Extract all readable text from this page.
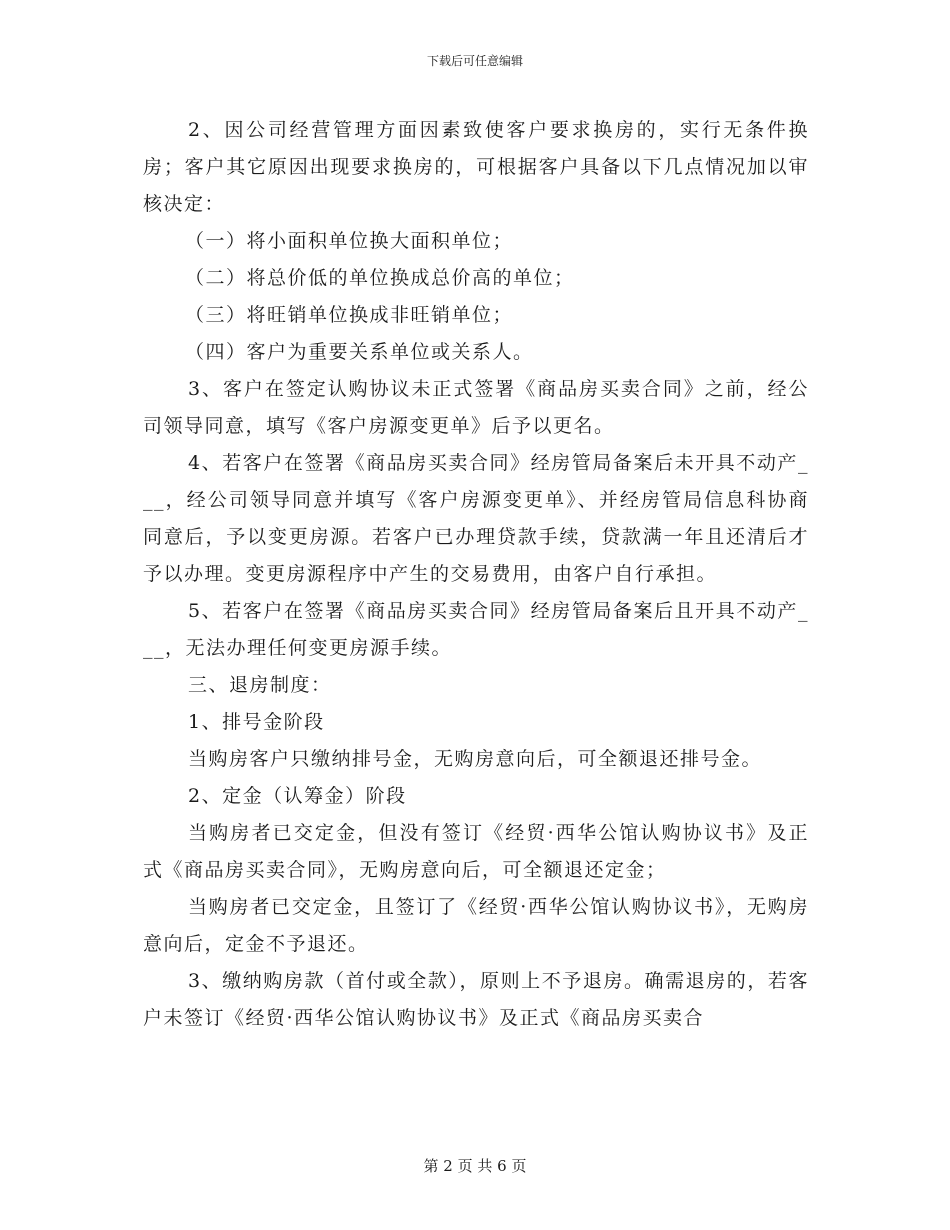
下载后可任意编辑

2、因公司经营管理方面因素致使客户要求换房的，实行无条件换房；客户其它原因出现要求换房的，可根据客户具备以下几点情况加以审核决定：

（一）将小面积单位换大面积单位；

（二）将总价低的单位换成总价高的单位；

（三）将旺销单位换成非旺销单位；

（四）客户为重要关系单位或关系人。

3、客户在签定认购协议未正式签署《商品房买卖合同》之前，经公司领导同意，填写《客户房源变更单》后予以更名。

4、若客户在签署《商品房买卖合同》经房管局备案后未开具不动产___，经公司领导同意并填写《客户房源变更单》、并经房管局信息科协商同意后，予以变更房源。若客户已办理贷款手续，贷款满一年且还清后才予以办理。变更房源程序中产生的交易费用，由客户自行承担。

5、若客户在签署《商品房买卖合同》经房管局备案后且开具不动产___，无法办理任何变更房源手续。

三、退房制度：

1、排号金阶段

当购房客户只缴纳排号金，无购房意向后，可全额退还排号金。

2、定金（认筹金）阶段

当购房者已交定金，但没有签订《经贸·西华公馆认购协议书》及正式《商品房买卖合同》，无购房意向后，可全额退还定金；

当购房者已交定金，且签订了《经贸·西华公馆认购协议书》，无购房意向后，定金不予退还。

3、缴纳购房款（首付或全款），原则上不予退房。确需退房的，若客户未签订《经贸·西华公馆认购协议书》及正式《商品房买卖合

第 2 页 共 6 页
